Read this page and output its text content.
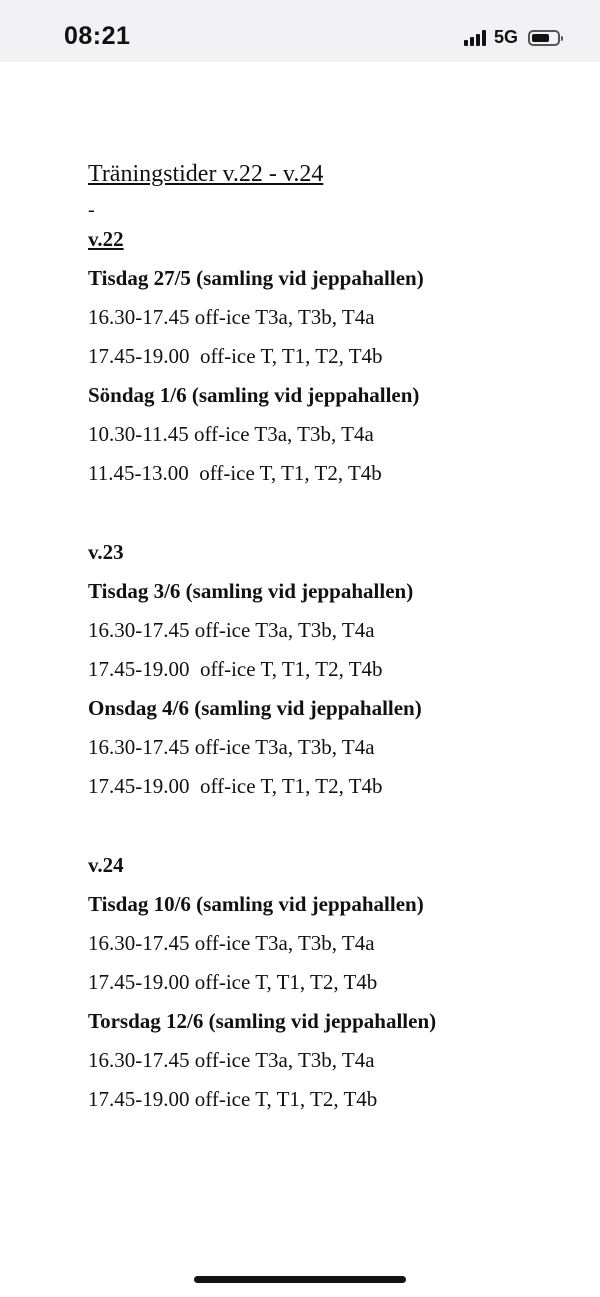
08:21	5G
Träningstider v.22 - v.24
-
v.22
Tisdag 27/5 (samling vid jeppahallen)
16.30-17.45 off-ice T3a, T3b, T4a
17.45-19.00  off-ice T, T1, T2, T4b
Söndag 1/6 (samling vid jeppahallen)
10.30-11.45 off-ice T3a, T3b, T4a
11.45-13.00  off-ice T, T1, T2, T4b
v.23
Tisdag 3/6 (samling vid jeppahallen)
16.30-17.45 off-ice T3a, T3b, T4a
17.45-19.00  off-ice T, T1, T2, T4b
Onsdag 4/6 (samling vid jeppahallen)
16.30-17.45 off-ice T3a, T3b, T4a
17.45-19.00  off-ice T, T1, T2, T4b
v.24
Tisdag 10/6 (samling vid jeppahallen)
16.30-17.45 off-ice T3a, T3b, T4a
17.45-19.00 off-ice T, T1, T2, T4b
Torsdag 12/6 (samling vid jeppahallen)
16.30-17.45 off-ice T3a, T3b, T4a
17.45-19.00 off-ice T, T1, T2, T4b
